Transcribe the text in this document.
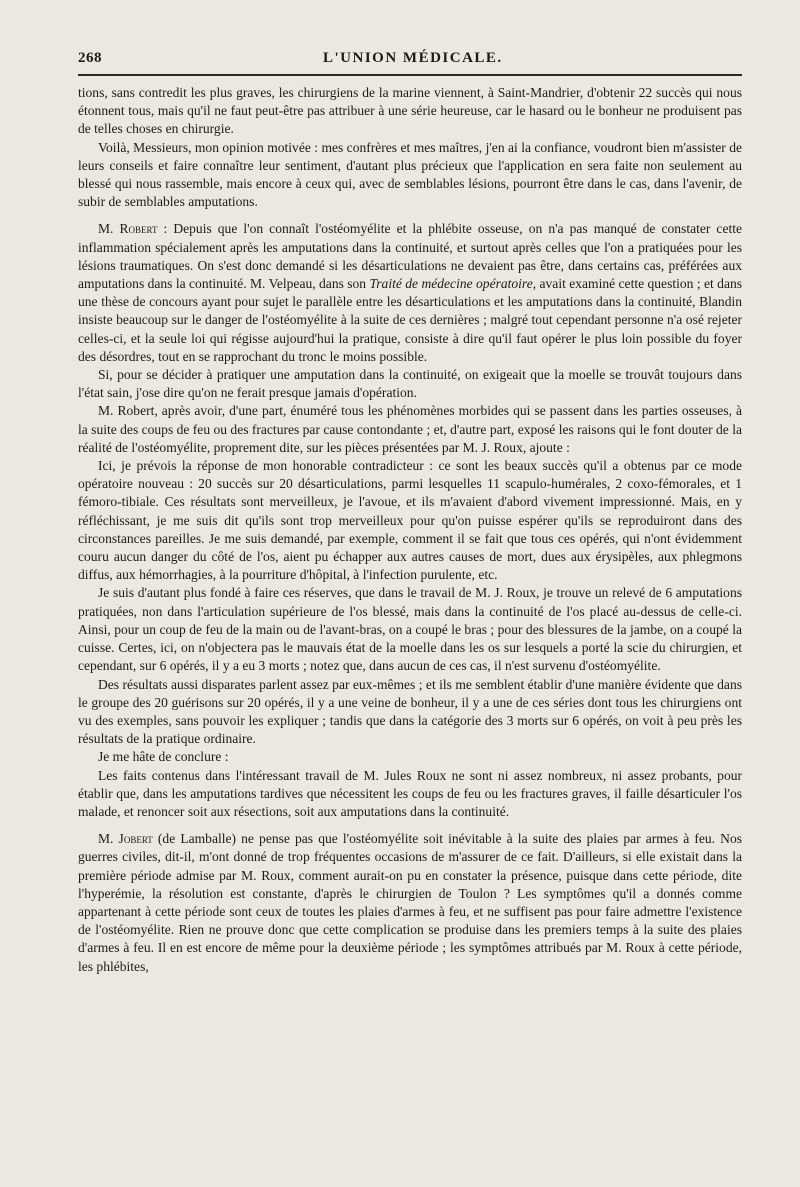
268	L'UNION MÉDICALE.

tions, sans contredit les plus graves, les chirurgiens de la marine viennent, à Saint-Mandrier, d'obtenir 22 succès qui nous étonnent tous, mais qu'il ne faut peut-être pas attribuer à une série heureuse, car le hasard ou le bonheur ne produisent pas de telles choses en chirurgie.

Voilà, Messieurs, mon opinion motivée : mes confrères et mes maîtres, j'en ai la confiance, voudront bien m'assister de leurs conseils et faire connaître leur sentiment, d'autant plus précieux que l'application en sera faite non seulement au blessé qui nous rassemble, mais encore à ceux qui, avec de semblables lésions, pourront être dans le cas, dans l'avenir, de subir de semblables amputations.

M. Robert : Depuis que l'on connaît l'ostéomyélite et la phlébite osseuse, on n'a pas manqué de constater cette inflammation spécialement après les amputations dans la continuité, et surtout après celles que l'on a pratiquées pour les lésions traumatiques. On s'est donc demandé si les désarticulations ne devaient pas être, dans certains cas, préférées aux amputations dans la continuité. M. Velpeau, dans son Traité de médecine opératoire, avait examiné cette question ; et dans une thèse de concours ayant pour sujet le parallèle entre les désarticulations et les amputations dans la continuité, Blandin insiste beaucoup sur le danger de l'ostéomyélite à la suite de ces dernières ; malgré tout cependant personne n'a osé rejeter celles-ci, et la seule loi qui régisse aujourd'hui la pratique, consiste à dire qu'il faut opérer le plus loin possible du foyer des désordres, tout en se rapprochant du tronc le moins possible.

Si, pour se décider à pratiquer une amputation dans la continuité, on exigeait que la moelle se trouvât toujours dans l'état sain, j'ose dire qu'on ne ferait presque jamais d'opération.

M. Robert, après avoir, d'une part, énuméré tous les phénomènes morbides qui se passent dans les parties osseuses, à la suite des coups de feu ou des fractures par cause contondante ; et, d'autre part, exposé les raisons qui le font douter de la réalité de l'ostéomyélite, proprement dite, sur les pièces présentées par M. J. Roux, ajoute :

Ici, je prévois la réponse de mon honorable contradicteur : ce sont les beaux succès qu'il a obtenus par ce mode opératoire nouveau : 20 succès sur 20 désarticulations, parmi lesquelles 11 scapulo-humérales, 2 coxo-fémorales, et 1 fémoro-tibiale. Ces résultats sont merveilleux, je l'avoue, et ils m'avaient d'abord vivement impressionné. Mais, en y réfléchissant, je me suis dit qu'ils sont trop merveilleux pour qu'on puisse espérer qu'ils se reproduiront dans des circonstances pareilles. Je me suis demandé, par exemple, comment il se fait que tous ces opérés, qui n'ont évidemment couru aucun danger du côté de l'os, aient pu échapper aux autres causes de mort, dues aux érysipèles, aux phlegmons diffus, aux hémorrhagies, à la pourriture d'hôpital, à l'infection purulente, etc.

Je suis d'autant plus fondé à faire ces réserves, que dans le travail de M. J. Roux, je trouve un relevé de 6 amputations pratiquées, non dans l'articulation supérieure de l'os blessé, mais dans la continuité de l'os placé au-dessus de celle-ci. Ainsi, pour un coup de feu de la main ou de l'avant-bras, on a coupé le bras ; pour des blessures de la jambe, on a coupé la cuisse. Certes, ici, on n'objectera pas le mauvais état de la moelle dans les os sur lesquels a porté la scie du chirurgien, et cependant, sur 6 opérés, il y a eu 3 morts ; notez que, dans aucun de ces cas, il n'est survenu d'ostéomyélite.

Des résultats aussi disparates parlent assez par eux-mêmes ; et ils me semblent établir d'une manière évidente que dans le groupe des 20 guérisons sur 20 opérés, il y a une veine de bonheur, il y a une de ces séries dont tous les chirurgiens ont vu des exemples, sans pouvoir les expliquer ; tandis que dans la catégorie des 3 morts sur 6 opérés, on voit à peu près les résultats de la pratique ordinaire.

Je me hâte de conclure :

Les faits contenus dans l'intéressant travail de M. Jules Roux ne sont ni assez nombreux, ni assez probants, pour établir que, dans les amputations tardives que nécessitent les coups de feu ou les fractures graves, il faille désarticuler l'os malade, et renoncer soit aux résections, soit aux amputations dans la continuité.

M. Jobert (de Lamballe) ne pense pas que l'ostéomyélite soit inévitable à la suite des plaies par armes à feu. Nos guerres civiles, dit-il, m'ont donné de trop fréquentes occasions de m'assurer de ce fait. D'ailleurs, si elle existait dans la première période admise par M. Roux, comment aurait-on pu en constater la présence, puisque dans cette période, dite l'hyperémie, la résolution est constante, d'après le chirurgien de Toulon ? Les symptômes qu'il a donnés comme appartenant à cette période sont ceux de toutes les plaies d'armes à feu, et ne suffisent pas pour faire admettre l'existence de l'ostéomyélite. Rien ne prouve donc que cette complication se produise dans les premiers temps à la suite des plaies d'armes à feu. Il en est encore de même pour la deuxième période ; les symptômes attribués par M. Roux à cette période, les phlébites,
